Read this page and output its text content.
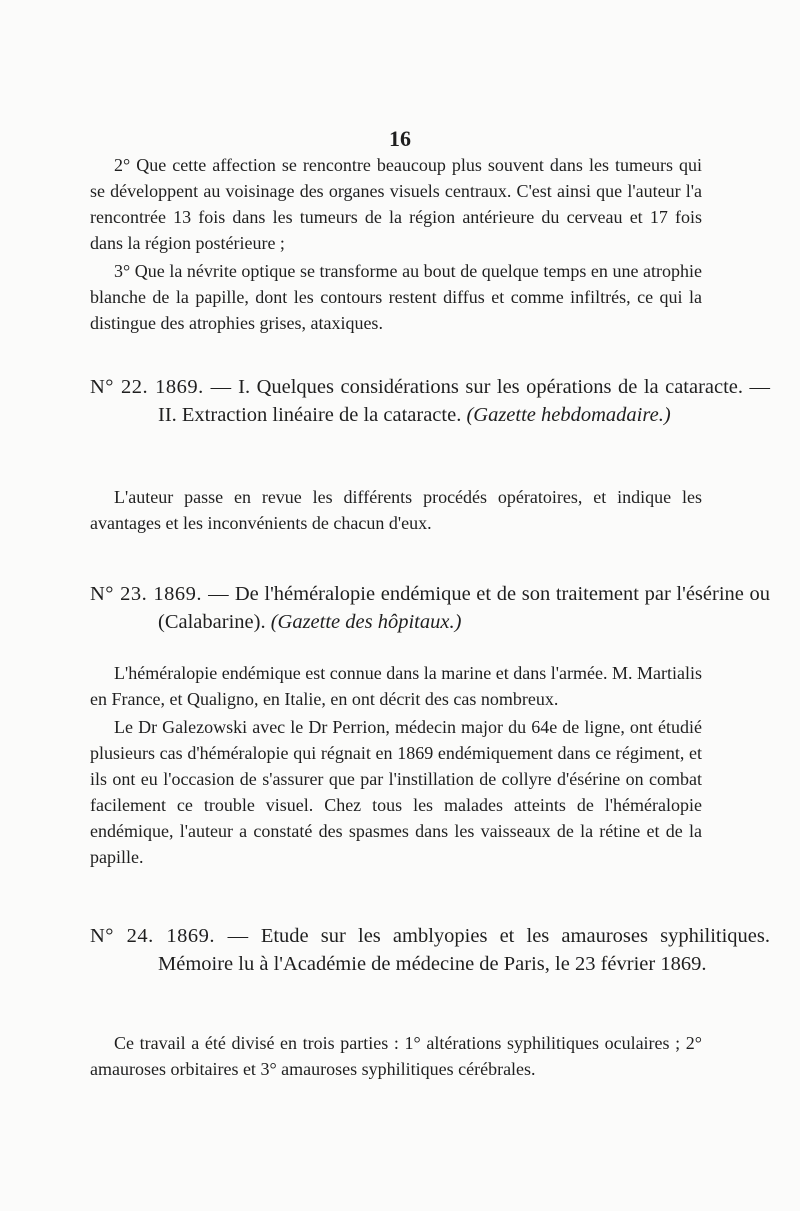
16

2° Que cette affection se rencontre beaucoup plus souvent dans les tumeurs qui se développent au voisinage des organes visuels centraux. C'est ainsi que l'auteur l'a rencontrée 13 fois dans les tumeurs de la région antérieure du cerveau et 17 fois dans la région postérieure ;

3° Que la névrite optique se transforme au bout de quelque temps en une atrophie blanche de la papille, dont les contours restent diffus et comme infiltrés, ce qui la distingue des atrophies grises, ataxiques.

N° 22. 1869. — I. Quelques considérations sur les opérations de la cataracte. — II. Extraction linéaire de la cataracte. (Gazette hebdomadaire.)

L'auteur passe en revue les différents procédés opératoires, et indique les avantages et les inconvénients de chacun d'eux.

N° 23. 1869. — De l'héméralopie endémique et de son traitement par l'ésérine ou (Calabarine). (Gazette des hôpitaux.)

L'héméralopie endémique est connue dans la marine et dans l'armée. M. Martialis en France, et Qualigno, en Italie, en ont décrit des cas nombreux.

Le Dr Galezowski avec le Dr Perrion, médecin major du 64e de ligne, ont étudié plusieurs cas d'héméralopie qui régnait en 1869 endémiquement dans ce régiment, et ils ont eu l'occasion de s'assurer que par l'instillation de collyre d'ésérine on combat facilement ce trouble visuel. Chez tous les malades atteints de l'héméralopie endémique, l'auteur a constaté des spasmes dans les vaisseaux de la rétine et de la papille.

N° 24. 1869. — Etude sur les amblyopies et les amauroses syphilitiques. Mémoire lu à l'Académie de médecine de Paris, le 23 février 1869.

Ce travail a été divisé en trois parties : 1° altérations syphilitiques oculaires ; 2° amauroses orbitaires et 3° amauroses syphilitiques cérébrales.
